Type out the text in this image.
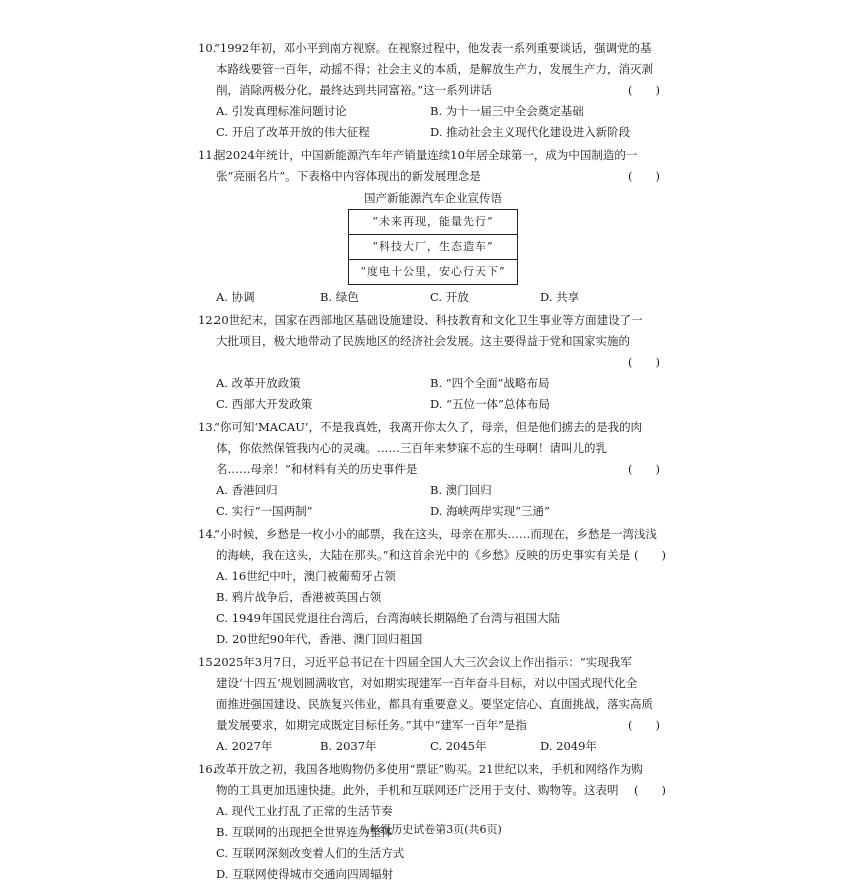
10.“1992年初，邓小平到南方视察。在视察过程中，他发表一系列重要谈话，强调党的基
本路线要管一百年，动摇不得；社会主义的本质，是解放生产力，发展生产力，消灭剥
削，消除两极分化，最终达到共同富裕。”这一系列讲话	(　　)
A. 引发真理标准问题讨论	B. 为十一届三中全会奠定基础
C. 开启了改革开放的伟大征程	D. 推动社会主义现代化建设进入新阶段
11.据2024年统计，中国新能源汽车年产销量连续10年居全球第一，成为中国制造的一
张“亮丽名片”。下表格中内容体现出的新发展理念是	(　　)
国产新能源汽车企业宣传语
“未来再现，能量先行”
“科技大厂，生态造车”
“度电十公里，安心行天下”
A. 协调	B. 绿色	C. 开放	D. 共享
12.20世纪末，国家在西部地区基础设施建设、科技教育和文化卫生事业等方面建设了一
大批项目，极大地带动了民族地区的经济社会发展。这主要得益于党和国家实施的
(　　)
A. 改革开放政策	B. “四个全面”战略布局
C. 西部大开发政策	D. “五位一体”总体布局
13.“你可知‘MACAU’，不是我真姓，我离开你太久了，母亲，但是他们掳去的是我的肉
体，你依然保管我内心的灵魂。……三百年来梦寐不忘的生母啊！请叫儿的乳
名……母亲！”和材料有关的历史事件是	(　　)
A. 香港回归	B. 澳门回归
C. 实行“一国两制”	D. 海峡两岸实现“三通”
14.“小时候，乡愁是一枚小小的邮票，我在这头，母亲在那头……而现在，乡愁是一湾浅浅
的海峡，我在这头，大陆在那头。”和这首余光中的《乡愁》反映的历史事实有关是 (　　)
A. 16世纪中叶，澳门被葡萄牙占领
B. 鸦片战争后，香港被英国占领
C. 1949年国民党退往台湾后，台湾海峡长期隔绝了台湾与祖国大陆
D. 20世纪90年代，香港、澳门回归祖国
15.2025年3月7日，习近平总书记在十四届全国人大三次会议上作出指示：“实现我军
建设‘十四五’规划圆满收官，对如期实现建军一百年奋斗目标，对以中国式现代化全
面推进强国建设、民族复兴伟业，都具有重要意义。要坚定信心、直面挑战，落实高质
量发展要求，如期完成既定目标任务。”其中“建军一百年”是指	(　　)
A. 2027年	B. 2037年	C. 2045年	D. 2049年
16.改革开放之初，我国各地购物仍多使用“票证”购买。21世纪以来，手机和网络作为购
物的工具更加迅速快捷。此外，手机和互联网还广泛用于支付、购物等。这表明 (　　)
A. 现代工业打乱了正常的生活节奏
B. 互联网的出现把全世界连为整体
C. 互联网深刻改变着人们的生活方式
D. 互联网使得城市交通向四周辐射
八年级历史试卷第3页(共6页)
